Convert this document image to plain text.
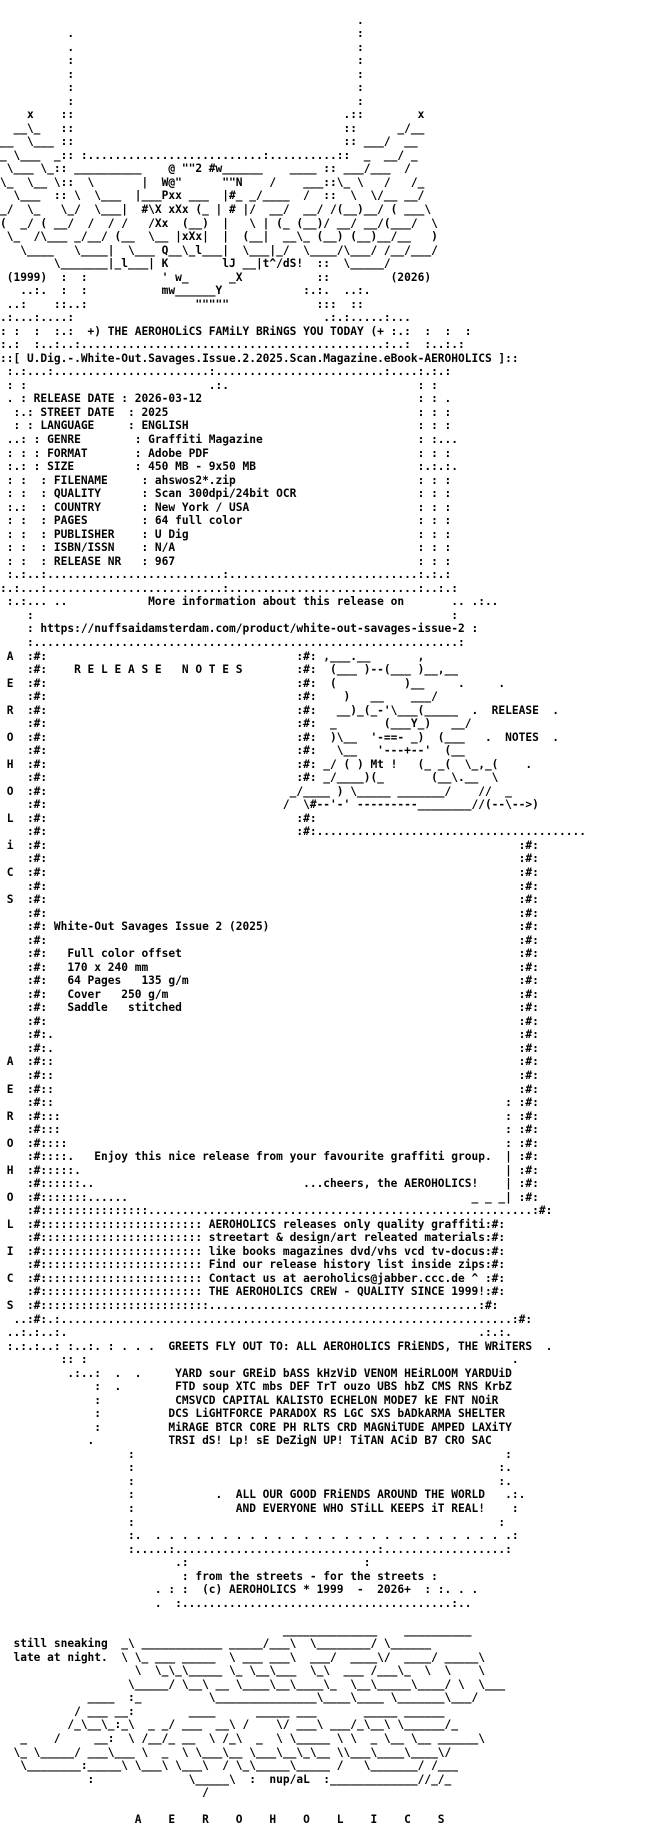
.
.                                          :
.                                          :
:                                          :
:                                          :
:                                          :
:                                          :
x    ::                                        .::        x
__\_   ::                                        ::      _/__
__  \___ ::                                        :: ___/  __
_ \___  _:: :..........................:..........::  _  __/ _
\___ \_:: __________    @ ""2 #w______    ____ :: ___/___  /
\_  \__ \::  \       |  W@"      ""N    /    ___::\_ \   /   /_
\___  :: \  \___  |___Pxx ___  |#_ _/____  /  ::  \  \/__ __/
_/  \_   \_/  \___|  #\X xXx (_ | # |/  __/  __/ /(__)__/ ( ___\
(  _/ ( __/  /  / /   /Xx  (__)  |   \ | (_ (__)/ __/ __/(___/  \
\_  /\___ _/__/ (__  \__ |xXx|  |  (__|  __\_ (__) (__)__/__   )
\____   \____|  \___ Q__\_l___|  \___|_/  \____/\___/ /__/___/
\_______|_l___| K        lJ __|t^/dS!  ::  \_____/
(1999)  :  :           ' w_      _X           ::         (2026)
..:.  :  :           mw______Y            :.:.  ..:.
..:    ::..:                """""             :::  ::
.:...:....:                                     .:.:.....:...
: :  :  :.:  +) THE AEROHOLiCS FAMiLY BRiNGS YOU TODAY (+ :.:  :  :  :
:.:  :..:..:.............................................:..:  :..:.:
::[ U.Dig.-.White-Out.Savages.Issue.2.2025.Scan.Magazine.eBook-AEROHOLICS ]::
:.:...:.......................:.........................:....:.:.:
: :                           .:.                            : :
. : RELEASE DATE : 2026-03-12                                : : .
:.: STREET DATE  : 2025                                     : : :
: : LANGUAGE     : ENGLISH                                  : : :
..: : GENRE        : Graffiti Magazine                       : :...
: : : FORMAT       : Adobe PDF                               : : :
:.: : SIZE         : 450 MB - 9x50 MB                        :.:.:.
: :  : FILENAME     : ahswos2*.zip                           : : :
: :  : QUALITY      : Scan 300dpi/24bit OCR                  : : :
:.:  : COUNTRY      : New York / USA                         : : :
: :  : PAGES        : 64 full color                          : : :
: :  : PUBLISHER    : U Dig                                  : : :
: :  : ISBN/ISSN    : N/A                                    : : :
: :  : RELEASE NR   : 967                                    : : :
:.:..:..........................:............................:.:.:
:.:...:..........................:............................:..:.:
:.:... ..            More information about this release on       .. .:..
:                                                              :
: https://nuffsaidamsterdam.com/product/white-out-savages-issue-2 :
:...............................................................:
A  :#:                                     :#: ,___.__       ,
:#:    R E L E A S E   N O T E S        :#:  (___ )--(___ )__,__
E  :#:                                     :#:  (          )__     .     .
:#:                                     :#:    )   __    ___/
R  :#:                                     :#:   __)_(_-'\___(_____  .  RELEASE  .
:#:                                     :#:  _       (___Y_)   __/
O  :#:                                     :#:  )\__  '-==- _)  (___   .  NOTES  .
:#:                                     :#:   \__   '---+--'  (__
H  :#:                                     :#: _/ ( ) Mt !   (_ _(  \_,_(    .
:#:                                     :#: _/____)(_       (__\.__  \
O  :#:                                    _/____ ) \_____ _______/    //  _
:#:                                   /  \#--'-' ---------________//(--\-->)
L  :#:                                     :#:
:#:                                     :#:........................................
i  :#:                                                                      :#:
:#:                                                                      :#:
C  :#:                                                                      :#:
:#:                                                                      :#:
S  :#:                                                                      :#:
:#:                                                                      :#:
:#: White-Out Savages Issue 2 (2025)                                     :#:
:#:                                                                      :#:
:#:   Full color offset                                                  :#:
:#:   170 x 240 mm                                                       :#:
:#:   64 Pages   135 g/m                                                 :#:
:#:   Cover   250 g/m                                                    :#:
:#:   Saddle   stitched                                                  :#:
:#:                                                                      :#:
:#:.                                                                     :#:
:#:.                                                                     :#:
A  :#::                                                                     :#:
:#::                                                                     :#:
E  :#::                                                                     :#:
:#::                                                                   : :#:
R  :#:::                                                                  : :#:
:#:::                                                                  : :#:
O  :#::::                                                                 : :#:
:#::::.   Enjoy this nice release from your favourite graffiti group.  | :#:
H  :#:::::.                                                               | :#:
:#::::::..                               ...cheers, the AEROHOLICS!    | :#:
O  :#:::::::......                                                   _ _ _| :#:
:#::::::::::::::::.........................................................:#:
L  :#:::::::::::::::::::::::: AEROHOLICS releases only quality graffiti:#:
:#:::::::::::::::::::::::: streetart & design/art releated materials:#:
I  :#:::::::::::::::::::::::: like books magazines dvd/vhs vcd tv-docus:#:
:#:::::::::::::::::::::::: Find our release history list inside zips:#:
C  :#:::::::::::::::::::::::: Contact us at aeroholics@jabber.ccc.de ^ :#:
:#:::::::::::::::::::::::: THE AEROHOLICS CREW - QUALITY SINCE 1999!:#:
S  :#:::::::::::::::::::::::::........................................:#:
..:#:.:...................................................................:#:
..:.:..:.                                                             .:.:.
:.:.:..: :..:. : . . .  GREETS FLY OUT TO: ALL AEROHOLICS FRiENDS, THE WRiTERS  .
:: :                                                               .
.:..:  .  .     YARD sour GREiD bASS kHzViD VENOM HEiRLOOM YARDUiD
:  .        FTD soup XTC mbs DEF TrT ouzo UBS hbZ CMS RNS KrbZ
:           CMSVCD CAPITAL KALISTO ECHELON MODE7 kE FNT NOiR
:          DCS LiGHTFORCE PARADOX RS LGC SXS bADkARMA SHELTER
:          MiRAGE BTCR CORE PH RLTS CRD MAGNiTUDE AMPED LAXiTY
.           TRSI dS! Lp! sE DeZigN UP! TiTAN ACiD B7 CRO SAC
:                                                       :
:                                                      :.
:                                                      :.
:            .  ALL OUR GOOD FRiENDS AROUND THE WORLD   .:.
:               AND EVERYONE WHO STiLL KEEPS iT REAL!    :
:                                                      :
:.  . . . . . . . . . . . . . . . . . . . . . . . . . . .:
:.....:..............................:..................:
.:                          :
: from the streets - for the streets :
. : :  (c) AEROHOLICS * 1999  -  2026+  : :. . .
.  :........................................:..

______________    __________
still sneaking  _\ ____________ _____/___\  \________/ \______
late at night.  \ \_ ___ _____  \ ___ ___\  ___/  ____\/  ____/ _____\
\  \_\_\_____ \_ \__\___  \_\  ___ /___\_  \  \    \
\_____/ \__\ __ \____\__\____\_  \__\_____\____/ \  \___
____  :_          \_______________\____\____ \_______\___/
/ ___ __:        ____      _____ ___       _____ ______
/_\__\_:_\  _ _/ ___  __\ /    \/ ___\ ___/_\__\ \______/_
_    /     __:  \ /__/_ __  \ /_\  _  \ \_____ \ \  _ \__ \__ ______\
\_ \_____/ ___\___ \  _  \ \___\__ \___\__\_\__ \\___\____\____\/
\________:_____\ \___\ \___\  / \_\_____\_____ /   \_______/ /___
:              \_____\  :  nup/aL  :_____________//_/_
/

A    E    R    O    H    O    L    I    C    S
